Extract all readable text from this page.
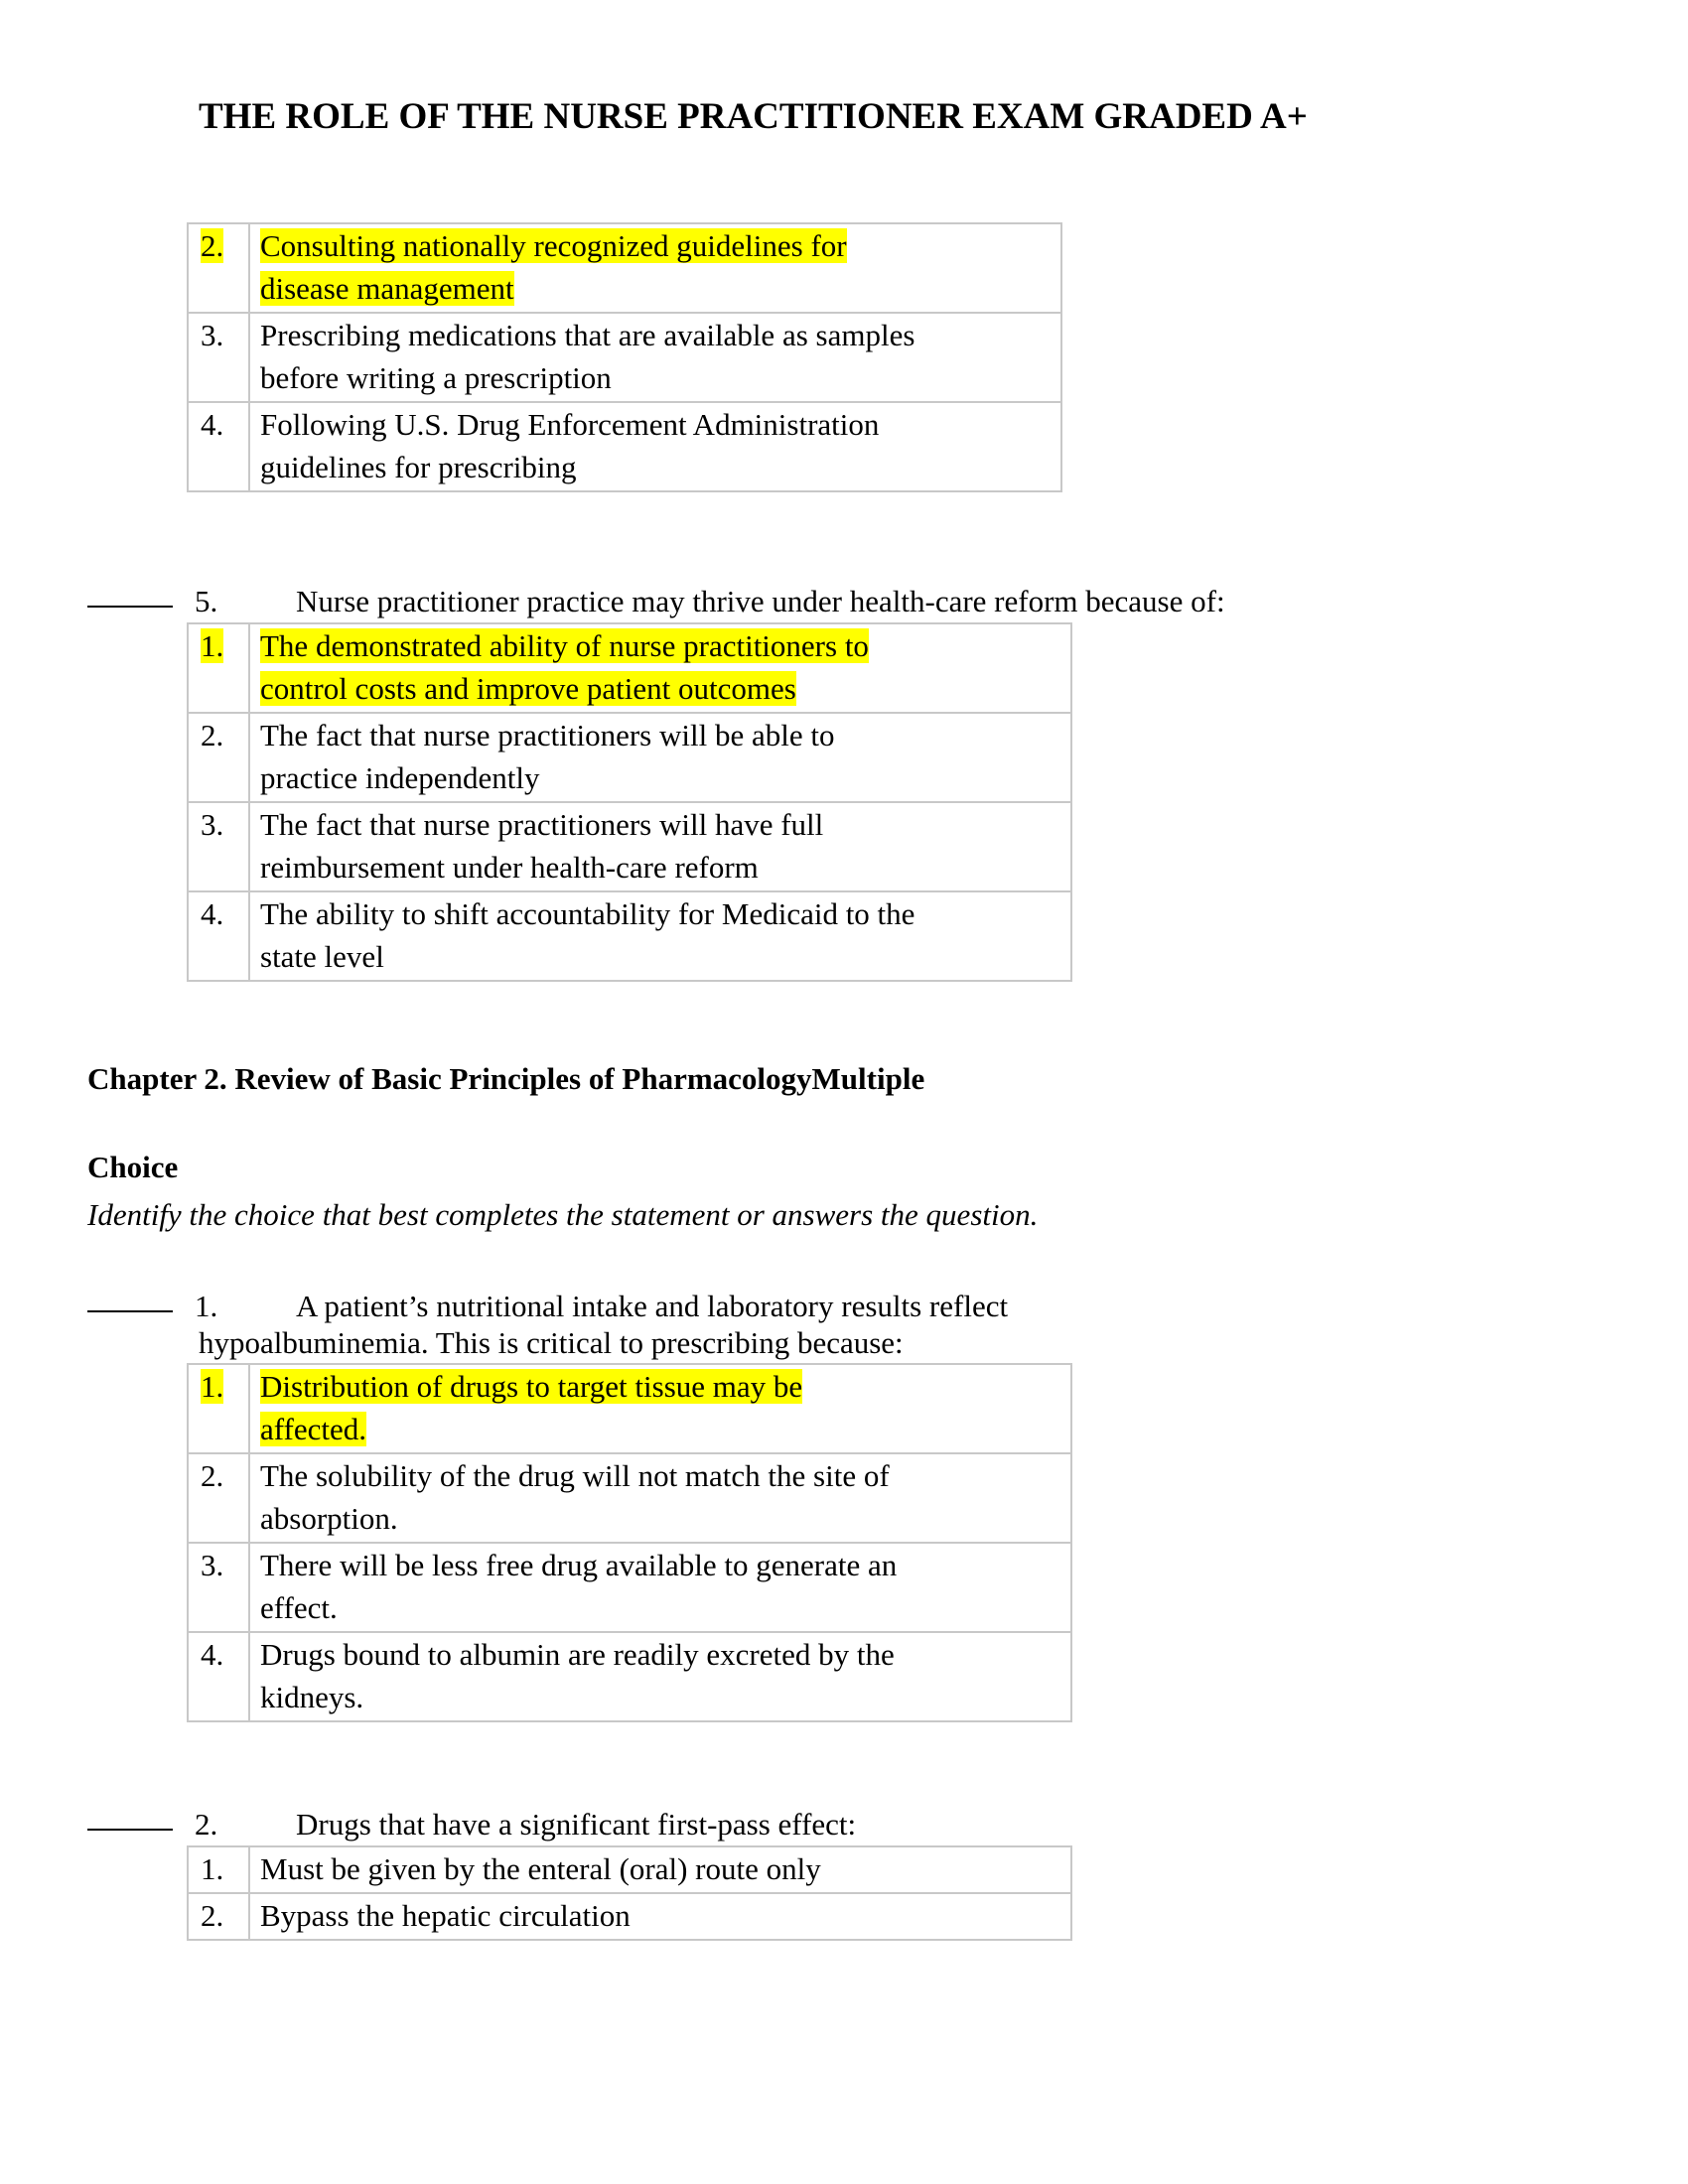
THE ROLE OF THE NURSE PRACTITIONER EXAM GRADED A+
2.	Consulting nationally recognized guidelines for disease management
3.	Prescribing medications that are available as samples before writing a prescription
4.	Following U.S. Drug Enforcement Administration guidelines for prescribing
5.	Nurse practitioner practice may thrive under health-care reform because of:
1.	The demonstrated ability of nurse practitioners to control costs and improve patient outcomes
2.	The fact that nurse practitioners will be able to practice independently
3.	The fact that nurse practitioners will have full reimbursement under health-care reform
4.	The ability to shift accountability for Medicaid to the state level
Chapter 2. Review of Basic Principles of PharmacologyMultiple
Choice
Identify the choice that best completes the statement or answers the question.
1.	A patient’s nutritional intake and laboratory results reflect
hypoalbuminemia. This is critical to prescribing because:
1.	Distribution of drugs to target tissue may be affected.
2.	The solubility of the drug will not match the site of absorption.
3.	There will be less free drug available to generate an effect.
4.	Drugs bound to albumin are readily excreted by the kidneys.
2.	Drugs that have a significant first-pass effect:
1.	Must be given by the enteral (oral) route only
2.	Bypass the hepatic circulation
